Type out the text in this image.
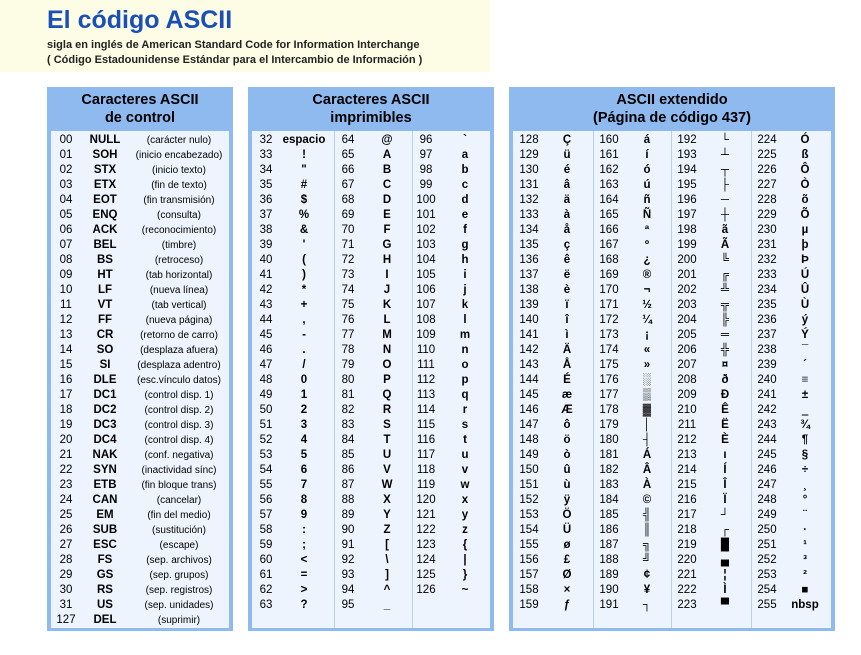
El código ASCII
sigla en inglés de American Standard Code for Information Interchange
( Código Estadounidense Estándar para el Intercambio de Información )
Caracteres ASCII
de control
00	NULL	(carácter nulo)
01	SOH	(inicio encabezado)
02	STX	(inicio texto)
03	ETX	(fin de texto)
04	EOT	(fin transmisión)
05	ENQ	(consulta)
06	ACK	(reconocimiento)
07	BEL	(timbre)
08	BS	(retroceso)
09	HT	(tab horizontal)
10	LF	(nueva línea)
11	VT	(tab vertical)
12	FF	(nueva página)
13	CR	(retorno de carro)
14	SO	(desplaza afuera)
15	SI	(desplaza adentro)
16	DLE	(esc.vínculo datos)
17	DC1	(control disp. 1)
18	DC2	(control disp. 2)
19	DC3	(control disp. 3)
20	DC4	(control disp. 4)
21	NAK	(conf. negativa)
22	SYN	(inactividad sínc)
23	ETB	(fin bloque trans)
24	CAN	(cancelar)
25	EM	(fin del medio)
26	SUB	(sustitución)
27	ESC	(escape)
28	FS	(sep. archivos)
29	GS	(sep. grupos)
30	RS	(sep. registros)
31	US	(sep. unidades)
127	DEL	(suprimir)
Caracteres ASCII
imprimibles
32 espacio	64	@	96	`
33	!	65	A	97	a
34	"	66	B	98	b
35	#	67	C	99	c
36	$	68	D	100	d
37	%	69	E	101	e
38	&	70	F	102	f
39	'	71	G	103	g
40	(	72	H	104	h
41	)	73	I	105	i
42	*	74	J	106	j
43	+	75	K	107	k
44	,	76	L	108	l
45	-	77	M	109	m
46	.	78	N	110	n
47	/	79	O	111	o
48	0	80	P	112	p
49	1	81	Q	113	q
50	2	82	R	114	r
51	3	83	S	115	s
52	4	84	T	116	t
53	5	85	U	117	u
54	6	86	V	118	v
55	7	87	W	119	w
56	8	88	X	120	x
57	9	89	Y	121	y
58	:	90	Z	122	z
59	;	91	[	123	{
60	<	92	\	124	|
61	=	93	]	125	}
62	>	94	^	126	~
63	?	95	_
ASCII extendido
(Página de código 437)
128	Ç	160	á	192	└	224	Ó
129	ü	161	í	193	┴	225	ß
130	é	162	ó	194	┬	226	Ô
131	â	163	ú	195	├	227	Ò
132	ä	164	ñ	196	─	228	õ
133	à	165	Ñ	197	┼	229	Õ
134	å	166	ª	198	ã	230	µ
135	ç	167	º	199	Ã	231	þ
136	ê	168	¿	200	╚	232	Þ
137	ë	169	®	201	╔	233	Ú
138	è	170	¬	202	╩	234	Û
139	ï	171	½	203	╦	235	Ù
140	î	172	¼	204	╠	236	ý
141	ì	173	¡	205	═	237	Ý
142	Ä	174	«	206	╬	238	¯
143	Å	175	»	207	¤	239	´
144	É	176	░	208	ð	240	≡
145	æ	177	▒	209	Ð	241	±
146	Æ	178	▓	210	Ê	242	‗
147	ô	179	│	211	Ë	243	¾
148	ö	180	┤	212	È	244	¶
149	ò	181	Á	213	ı	245	§
150	û	182	Â	214	Í	246	÷
151	ù	183	À	215	Î	247	¸
152	ÿ	184	©	216	Ï	248	°
153	Ö	185	╣	217	┘	249	¨
154	Ü	186	║	218	┌	250	·
155	ø	187	╗	219	█	251	¹
156	£	188	╝	220	▄	252	³
157	Ø	189	¢	221	¦	253	²
158	×	190	¥	222	Ì	254	■
159	ƒ	191	┐	223	▀	255	nbsp
